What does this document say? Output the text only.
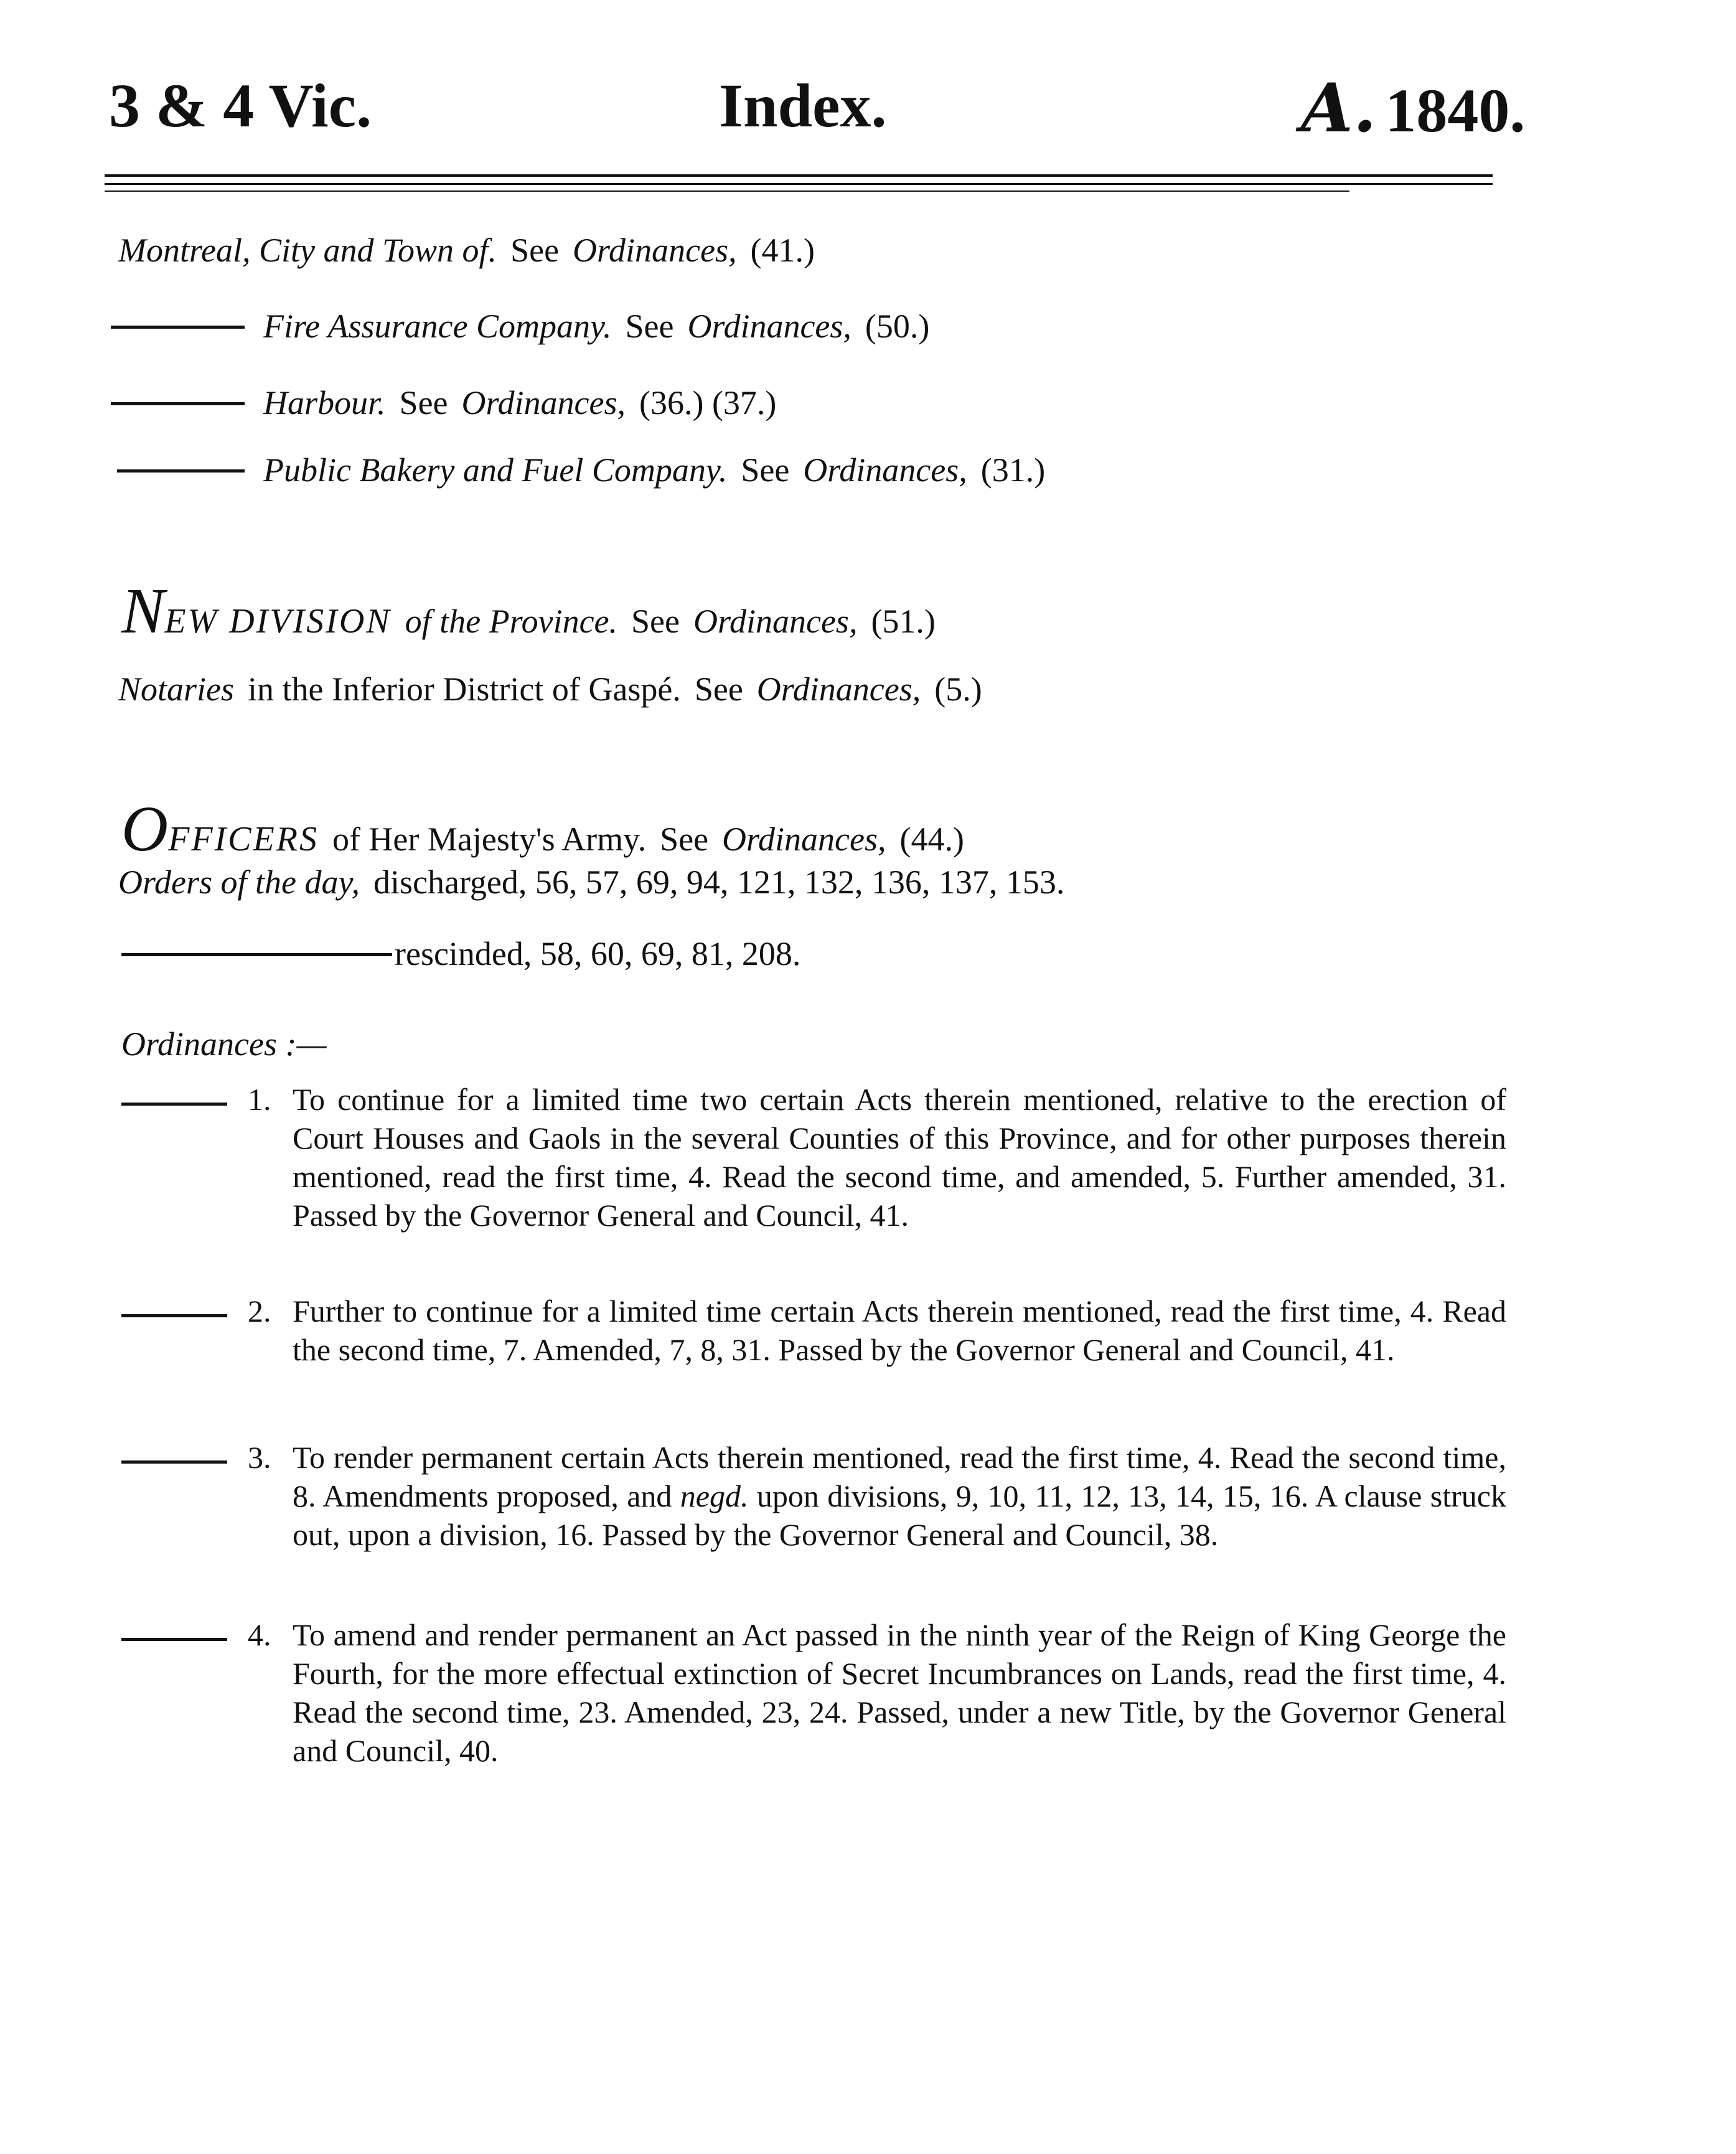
3 & 4 Vic.	Index.	A. 1840.
Montreal, City and Town of. See Ordinances, (41.)
Fire Assurance Company. See Ordinances, (50.)
Harbour. See Ordinances, (36.) (37.)
Public Bakery and Fuel Company. See Ordinances, (31.)
NEW DIVISION of the Province. See Ordinances, (51.)
Notaries in the Inferior District of Gaspé. See Ordinances, (5.)
OFFICERS of Her Majesty's Army. See Ordinances, (44.)
Orders of the day, discharged, 56, 57, 69, 94, 121, 132, 136, 137, 153.
rescinded, 58, 60, 69, 81, 208.
Ordinances :—
1. To continue for a limited time two certain Acts therein mentioned, relative to the erection of Court Houses and Gaols in the several Counties of this Province, and for other purposes therein mentioned, read the first time, 4. Read the second time, and amended, 5. Further amended, 31. Passed by the Governor General and Council, 41.
2. Further to continue for a limited time certain Acts therein mentioned, read the first time, 4. Read the second time, 7. Amended, 7, 8, 31. Passed by the Governor General and Council, 41.
3. To render permanent certain Acts therein mentioned, read the first time, 4. Read the second time, 8. Amendments proposed, and negd. upon divisions, 9, 10, 11, 12, 13, 14, 15, 16. A clause struck out, upon a division, 16. Passed by the Governor General and Council, 38.
4. To amend and render permanent an Act passed in the ninth year of the Reign of King George the Fourth, for the more effectual extinction of Secret Incumbrances on Lands, read the first time, 4. Read the second time, 23. Amended, 23, 24. Passed, under a new Title, by the Governor General and Council, 40.
